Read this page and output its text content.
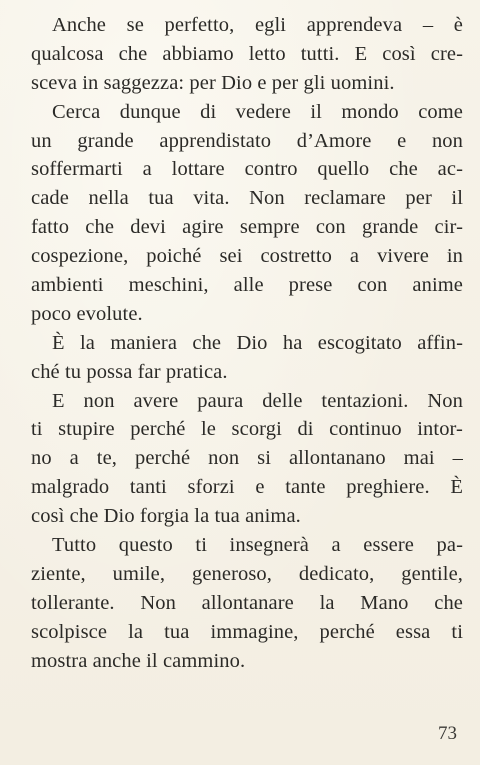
Anche se perfetto, egli apprendeva – è
qualcosa che abbiamo letto tutti. E così cre-
sceva in saggezza: per Dio e per gli uomini.

Cerca dunque di vedere il mondo come
un grande apprendistato d’Amore e non
soffermarti a lottare contro quello che ac-
cade nella tua vita. Non reclamare per il
fatto che devi agire sempre con grande cir-
cospezione, poiché sei costretto a vivere in
ambienti meschini, alle prese con anime
poco evolute.

È la maniera che Dio ha escogitato affin-
ché tu possa far pratica.

E non avere paura delle tentazioni. Non
ti stupire perché le scorgi di continuo intor-
no a te, perché non si allontanano mai –
malgrado tanti sforzi e tante preghiere. È
così che Dio forgia la tua anima.

Tutto questo ti insegnerà a essere pa-
ziente, umile, generoso, dedicato, gentile,
tollerante. Non allontanare la Mano che
scolpisce la tua immagine, perché essa ti
mostra anche il cammino.

73
